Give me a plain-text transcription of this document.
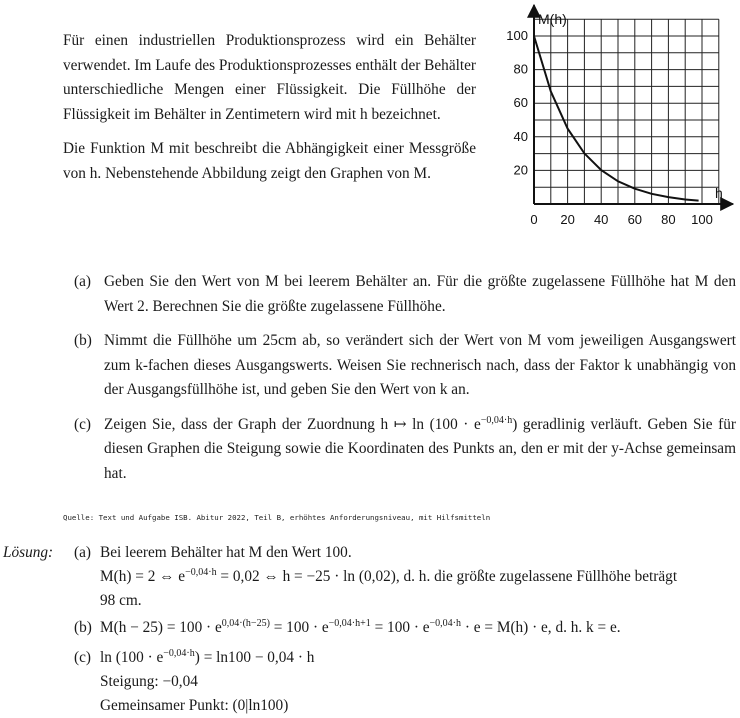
Für einen industriellen Produktionsprozess wird ein Behälter verwendet. Im Laufe des Produktionsprozesses enthält der Behälter unterschiedliche Mengen einer Flüssigkeit. Die Füllhöhe der Flüssigkeit im Behälter in Zentimetern wird mit h bezeichnet.

Die Funktion M mit beschreibt die Abhängigkeit einer Messgröße von h. Nebenstehende Abbildung zeigt den Graphen von M.

0 20 40 60 80 100
20
40
60
80
100
M(h)
h
(a) Geben Sie den Wert von M bei leerem Behälter an. Für die größte zugelassene Füllhöhe hat M den Wert 2. Berechnen Sie die größte zugelassene Füllhöhe.
(b) Nimmt die Füllhöhe um 25cm ab, so verändert sich der Wert von M vom jeweiligen Ausgangswert zum k-fachen dieses Ausgangswerts. Weisen Sie rechnerisch nach, dass der Faktor k unabhängig von der Ausgangsfüllhöhe ist, und geben Sie den Wert von k an.
(c) Zeigen Sie, dass der Graph der Zuordnung h ↦ $\ln (100 \cdot e^{-0,04\cdot h})$ geradlinig verläuft. Geben Sie für diesen Graphen die Steigung sowie die Koordinaten des Punkts an, den er mit der y-Achse gemeinsam hat.
Quelle: Text und Aufgabe ISB. Abitur 2022, Teil B, erhöhtes Anforderungsniveau, mit Hilfsmitteln
Lösung: (a) Bei leerem Behälter hat M den Wert 100.
M(h) = 2 ⇔ $e^{-0,04\cdot h} = 0,02$ ⇔ h = −25 · ln (0,02), d. h. die größte zugelassene Füllhöhe beträgt
98 cm.
(b) $M(h - 25) = 100 \cdot e^{0,04\cdot(h-25)} = 100 \cdot e^{-0,04\cdot h+1} = 100 \cdot e^{-0,04\cdot h} \cdot e = M(h) \cdot e$, d. h. k = e.
(c) $\ln (100 \cdot e^{-0,04\cdot h}) = \ln 100 - 0,04 \cdot h$
Steigung: −0,04
Gemeinsamer Punkt: (0|ln100)
